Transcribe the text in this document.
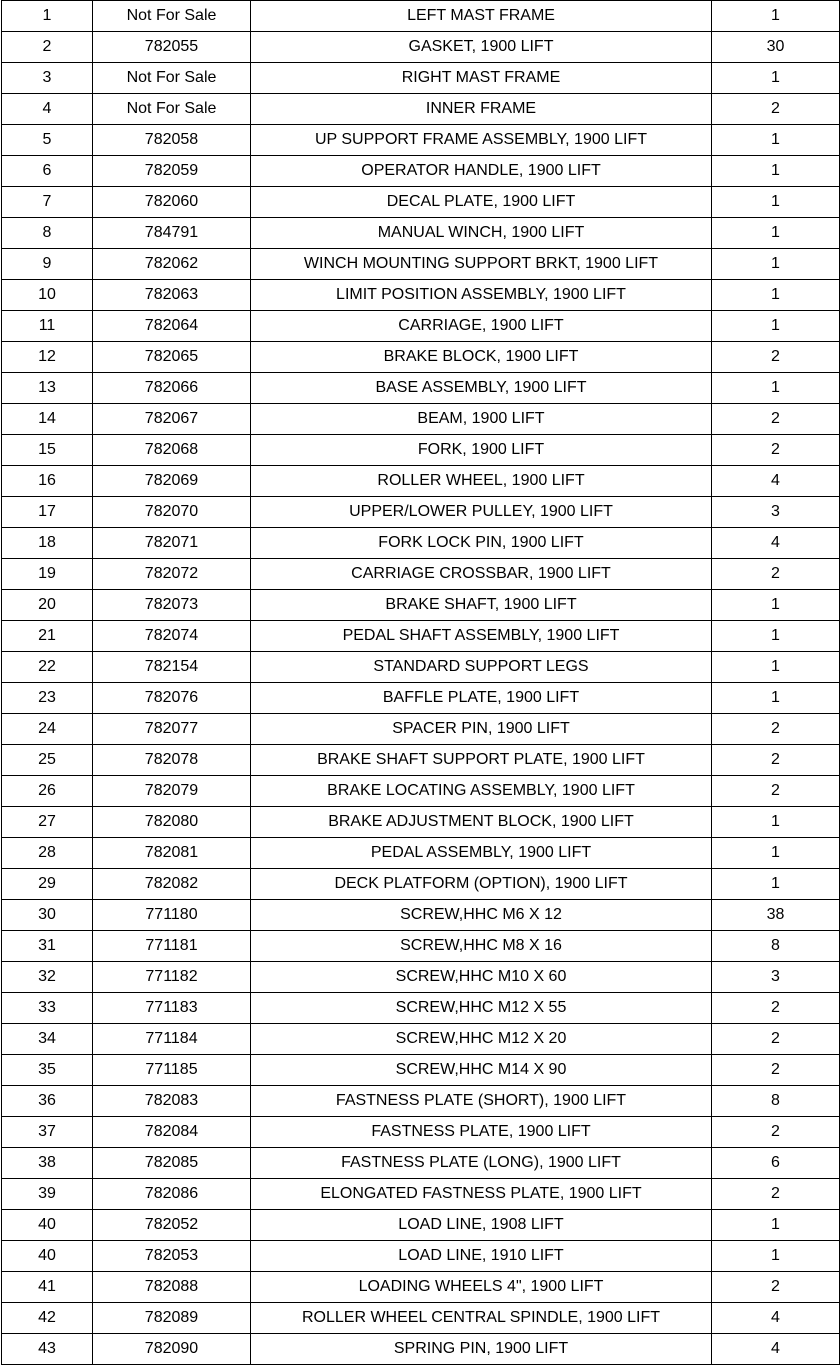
1	Not For Sale	LEFT MAST FRAME	1
2	782055	GASKET, 1900 LIFT	30
3	Not For Sale	RIGHT MAST FRAME	1
4	Not For Sale	INNER FRAME	2
5	782058	UP SUPPORT FRAME ASSEMBLY, 1900 LIFT	1
6	782059	OPERATOR HANDLE, 1900 LIFT	1
7	782060	DECAL PLATE, 1900 LIFT	1
8	784791	MANUAL WINCH, 1900 LIFT	1
9	782062	WINCH MOUNTING SUPPORT BRKT, 1900 LIFT	1
10	782063	LIMIT POSITION ASSEMBLY, 1900 LIFT	1
11	782064	CARRIAGE, 1900 LIFT	1
12	782065	BRAKE BLOCK, 1900 LIFT	2
13	782066	BASE ASSEMBLY, 1900 LIFT	1
14	782067	BEAM, 1900 LIFT	2
15	782068	FORK, 1900 LIFT	2
16	782069	ROLLER WHEEL, 1900 LIFT	4
17	782070	UPPER/LOWER PULLEY, 1900 LIFT	3
18	782071	FORK LOCK PIN, 1900 LIFT	4
19	782072	CARRIAGE CROSSBAR, 1900 LIFT	2
20	782073	BRAKE SHAFT, 1900 LIFT	1
21	782074	PEDAL SHAFT ASSEMBLY, 1900 LIFT	1
22	782154	STANDARD SUPPORT LEGS	1
23	782076	BAFFLE PLATE, 1900 LIFT	1
24	782077	SPACER PIN, 1900 LIFT	2
25	782078	BRAKE SHAFT SUPPORT PLATE, 1900 LIFT	2
26	782079	BRAKE LOCATING ASSEMBLY, 1900 LIFT	2
27	782080	BRAKE ADJUSTMENT BLOCK, 1900 LIFT	1
28	782081	PEDAL ASSEMBLY, 1900 LIFT	1
29	782082	DECK PLATFORM (OPTION), 1900 LIFT	1
30	771180	SCREW,HHC M6 X 12	38
31	771181	SCREW,HHC M8 X 16	8
32	771182	SCREW,HHC M10 X 60	3
33	771183	SCREW,HHC M12 X 55	2
34	771184	SCREW,HHC M12 X 20	2
35	771185	SCREW,HHC M14 X 90	2
36	782083	FASTNESS PLATE (SHORT), 1900 LIFT	8
37	782084	FASTNESS PLATE, 1900 LIFT	2
38	782085	FASTNESS PLATE (LONG), 1900 LIFT	6
39	782086	ELONGATED FASTNESS PLATE, 1900 LIFT	2
40	782052	LOAD LINE, 1908 LIFT	1
40	782053	LOAD LINE, 1910 LIFT	1
41	782088	LOADING WHEELS 4", 1900 LIFT	2
42	782089	ROLLER WHEEL CENTRAL SPINDLE, 1900 LIFT	4
43	782090	SPRING PIN, 1900 LIFT	4
